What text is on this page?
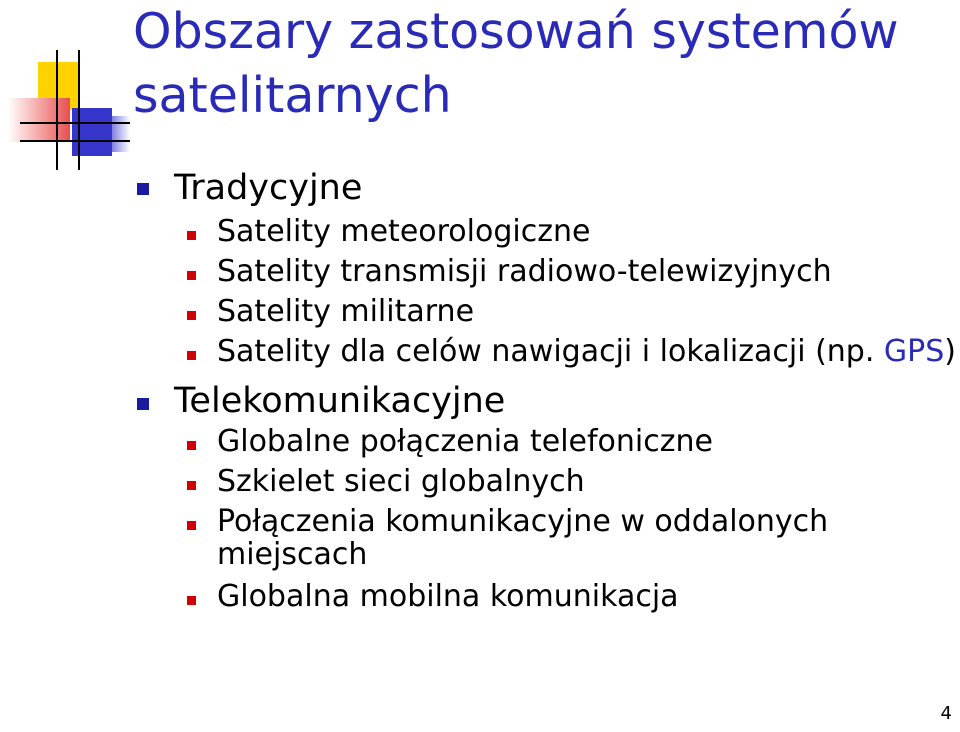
Obszary zastosowań systemów
satelitarnych
Tradycyjne
Satelity meteorologiczne
Satelity transmisji radiowo-telewizyjnych
Satelity militarne
Satelity dla celów nawigacji i lokalizacji (np. GPS)
Telekomunikacyjne
Globalne połączenia telefoniczne
Szkielet sieci globalnych
Połączenia komunikacyjne w oddalonych
miejscach
Globalna mobilna komunikacja
4
